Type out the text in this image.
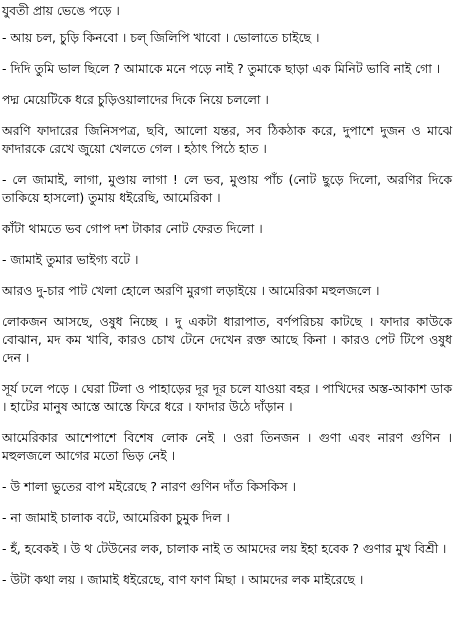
যুবতী প্রায় ভেঙে পড়ে ।

- আয় চল, চুড়ি কিনবো । চল্‌ জিলিপি খাবো । ভোলাতে চাইছে ।

- দিদি তুমি ভাল ছিলে ? আমাকে মনে পড়ে নাই ? তুমাকে ছাড়া এক মিনিট ভাবি নাই গো ।

পদ্ম মেয়েটিকে ধরে চুড়িওয়ালাদের দিকে নিয়ে চললো ।

অরণি ফাদারের জিনিসপত্র, ছবি, আলো যন্তর, সব ঠিকঠাক করে, দুপাশে দুজন ও মাঝে ফাদারকে রেখে জুয়ো খেলতে গেল । হঠাৎ পিঠে হাত ।

- লে জামাই, লাগা, মুণ্ডায় লাগা ! লে ভব, মুণ্ডায় পাঁচ (নোট ছুড়ে দিলো, অরণির দিকে তাকিয়ে হাসলো) তুমায় ধইরেছি, আমেরিকা ।

কাঁটা থামতে ভব গোপ দশ টাকার নোট ফেরত দিলো ।

- জামাই তুমার ভাইগ্য বটে ।

আরও দু-চার পাট খেলা হোলে অরণি মুরগা লড়াইয়ে । আমেরিকা মহুলজলে ।

লোকজন আসছে, ওষুধ নিচ্ছে । দু একটা ধারাপাত, বর্ণপরিচয় কাটছে । ফাদার কাউকে বোঝান, মদ কম খাবি, কারও চোখ টেনে দেখেন রক্ত আছে কিনা । কারও পেট টিপে ওষুধ দেন ।

সূর্য ঢলে পড়ে । ঘেরা টিলা ও পাহাড়ের দূর দূর চলে যাওয়া বহর । পাখিদের অস্ত-আকাশ ডাক । হাটের মানুষ আস্তে আস্তে ফিরে ধরে । ফাদার উঠে দাঁড়ান ।

আমেরিকার আশেপাশে বিশেষ লোক নেই । ওরা তিনজন । গুণা এবং নারণ গুণিন । মহুলজলে আগের মতো ভিড় নেই ।

- উ শালা ভুতের বাপ মইরেছে ? নারণ গুণিন দাঁত কিসকিস ।

- না জামাই চালাক বটে, আমেরিকা চুমুক দিল ।

- হঁ, হবেকই । উ থ টেউনের লক, চালাক নাই ত আমদের লয় ইহা হবেক ? গুণার মুখ বিশ্রী ।

- উটা কথা লয় । জামাই ধইরেছে, বাণ ফাণ মিছা । আমদের লক মাইরেছে ।
